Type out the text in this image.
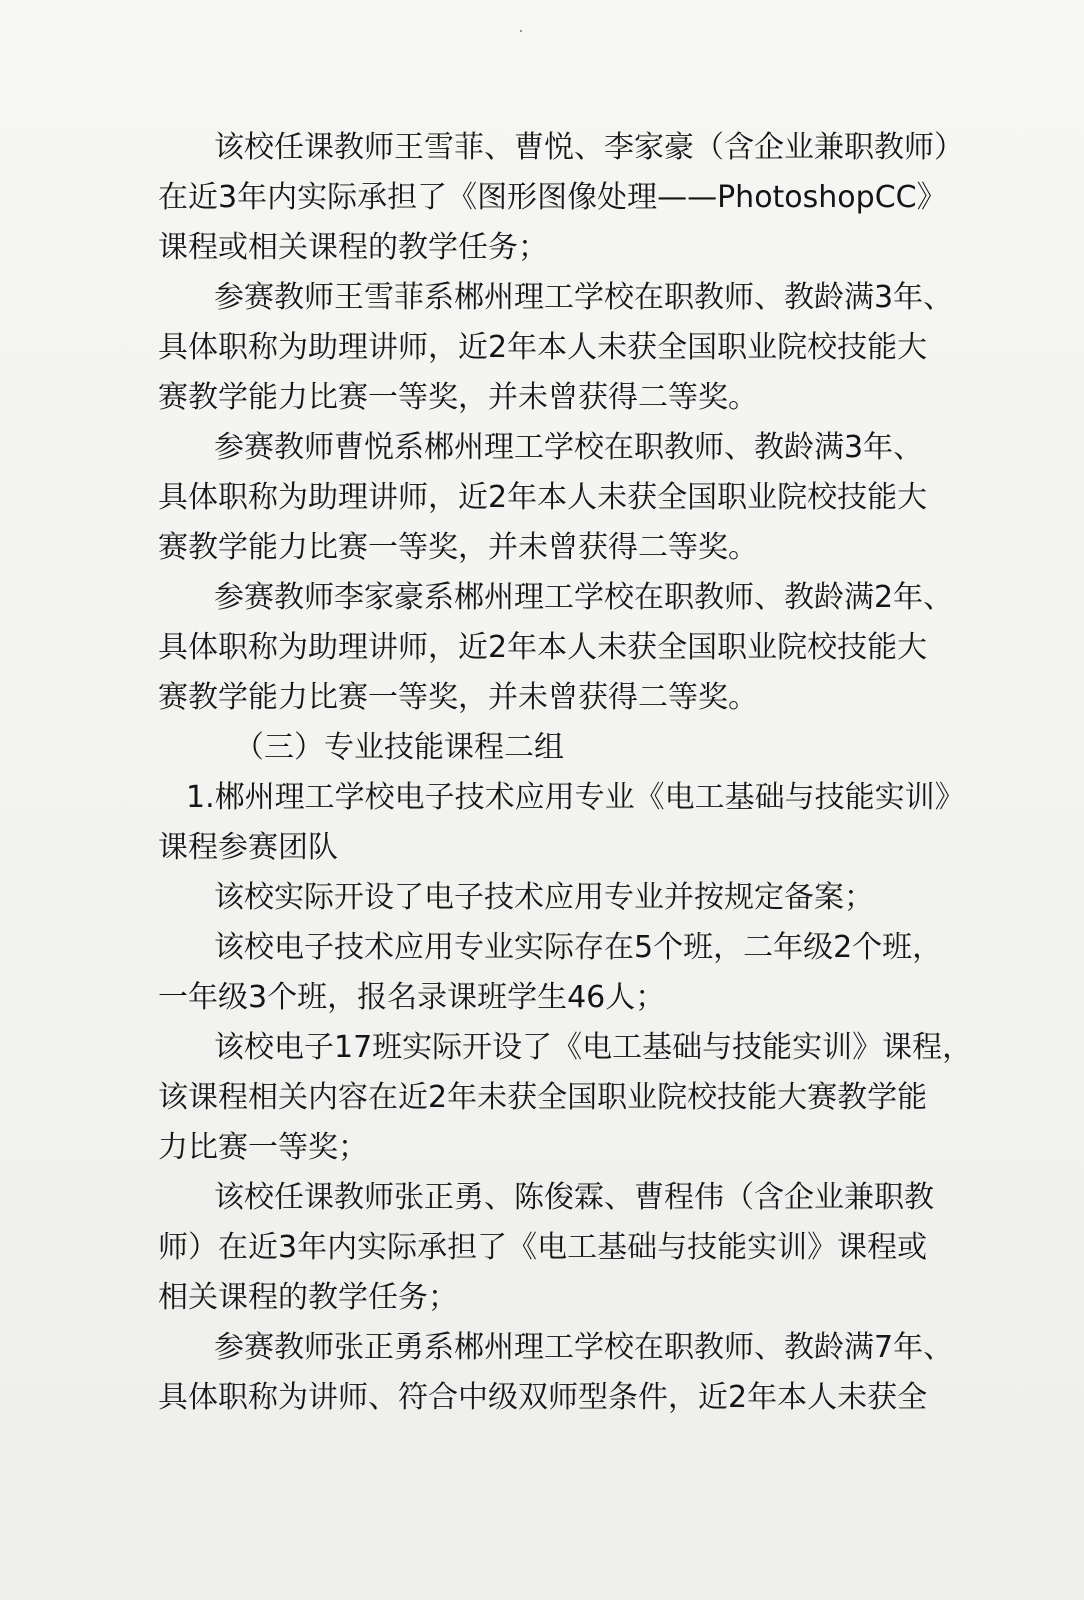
该校任课教师王雪菲、曹悦、李家豪（含企业兼职教师）
在近3年内实际承担了《图形图像处理——PhotoshopCC》
课程或相关课程的教学任务；
参赛教师王雪菲系郴州理工学校在职教师、教龄满3年、
具体职称为助理讲师，近2年本人未获全国职业院校技能大
赛教学能力比赛一等奖，并未曾获得二等奖。
参赛教师曹悦系郴州理工学校在职教师、教龄满3年、
具体职称为助理讲师，近2年本人未获全国职业院校技能大
赛教学能力比赛一等奖，并未曾获得二等奖。
参赛教师李家豪系郴州理工学校在职教师、教龄满2年、
具体职称为助理讲师，近2年本人未获全国职业院校技能大
赛教学能力比赛一等奖，并未曾获得二等奖。
（三）专业技能课程二组
1.郴州理工学校电子技术应用专业《电工基础与技能实训》
课程参赛团队
该校实际开设了电子技术应用专业并按规定备案；
该校电子技术应用专业实际存在5个班，二年级2个班，
一年级3个班，报名录课班学生46人；
该校电子17班实际开设了《电工基础与技能实训》课程，
该课程相关内容在近2年未获全国职业院校技能大赛教学能
力比赛一等奖；
该校任课教师张正勇、陈俊霖、曹程伟（含企业兼职教
师）在近3年内实际承担了《电工基础与技能实训》课程或
相关课程的教学任务；
参赛教师张正勇系郴州理工学校在职教师、教龄满7年、
具体职称为讲师、符合中级双师型条件，近2年本人未获全
